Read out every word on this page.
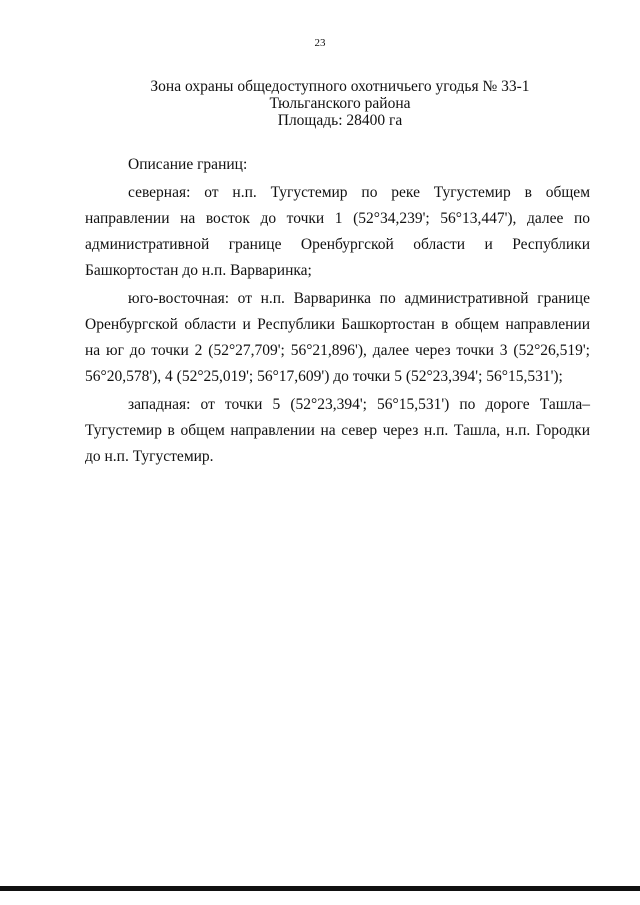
23
Зона охраны общедоступного охотничьего угодья № 33-1
Тюльганского района
Площадь: 28400 га

Описание границ:

северная: от н.п. Тугустемир по реке Тугустемир в общем направлении на восток до точки 1 (52°34,239'; 56°13,447'), далее по административной границе Оренбургской области и Республики Башкортостан до н.п. Варваринка;

юго-восточная: от н.п. Варваринка по административной границе Оренбургской области и Республики Башкортостан в общем направлении на юг до точки 2 (52°27,709'; 56°21,896'), далее через точки 3 (52°26,519'; 56°20,578'), 4 (52°25,019'; 56°17,609') до точки 5 (52°23,394'; 56°15,531');

западная: от точки 5 (52°23,394'; 56°15,531') по дороге Ташла–Тугустемир в общем направлении на север через н.п. Ташла, н.п. Городки до н.п. Тугустемир.
